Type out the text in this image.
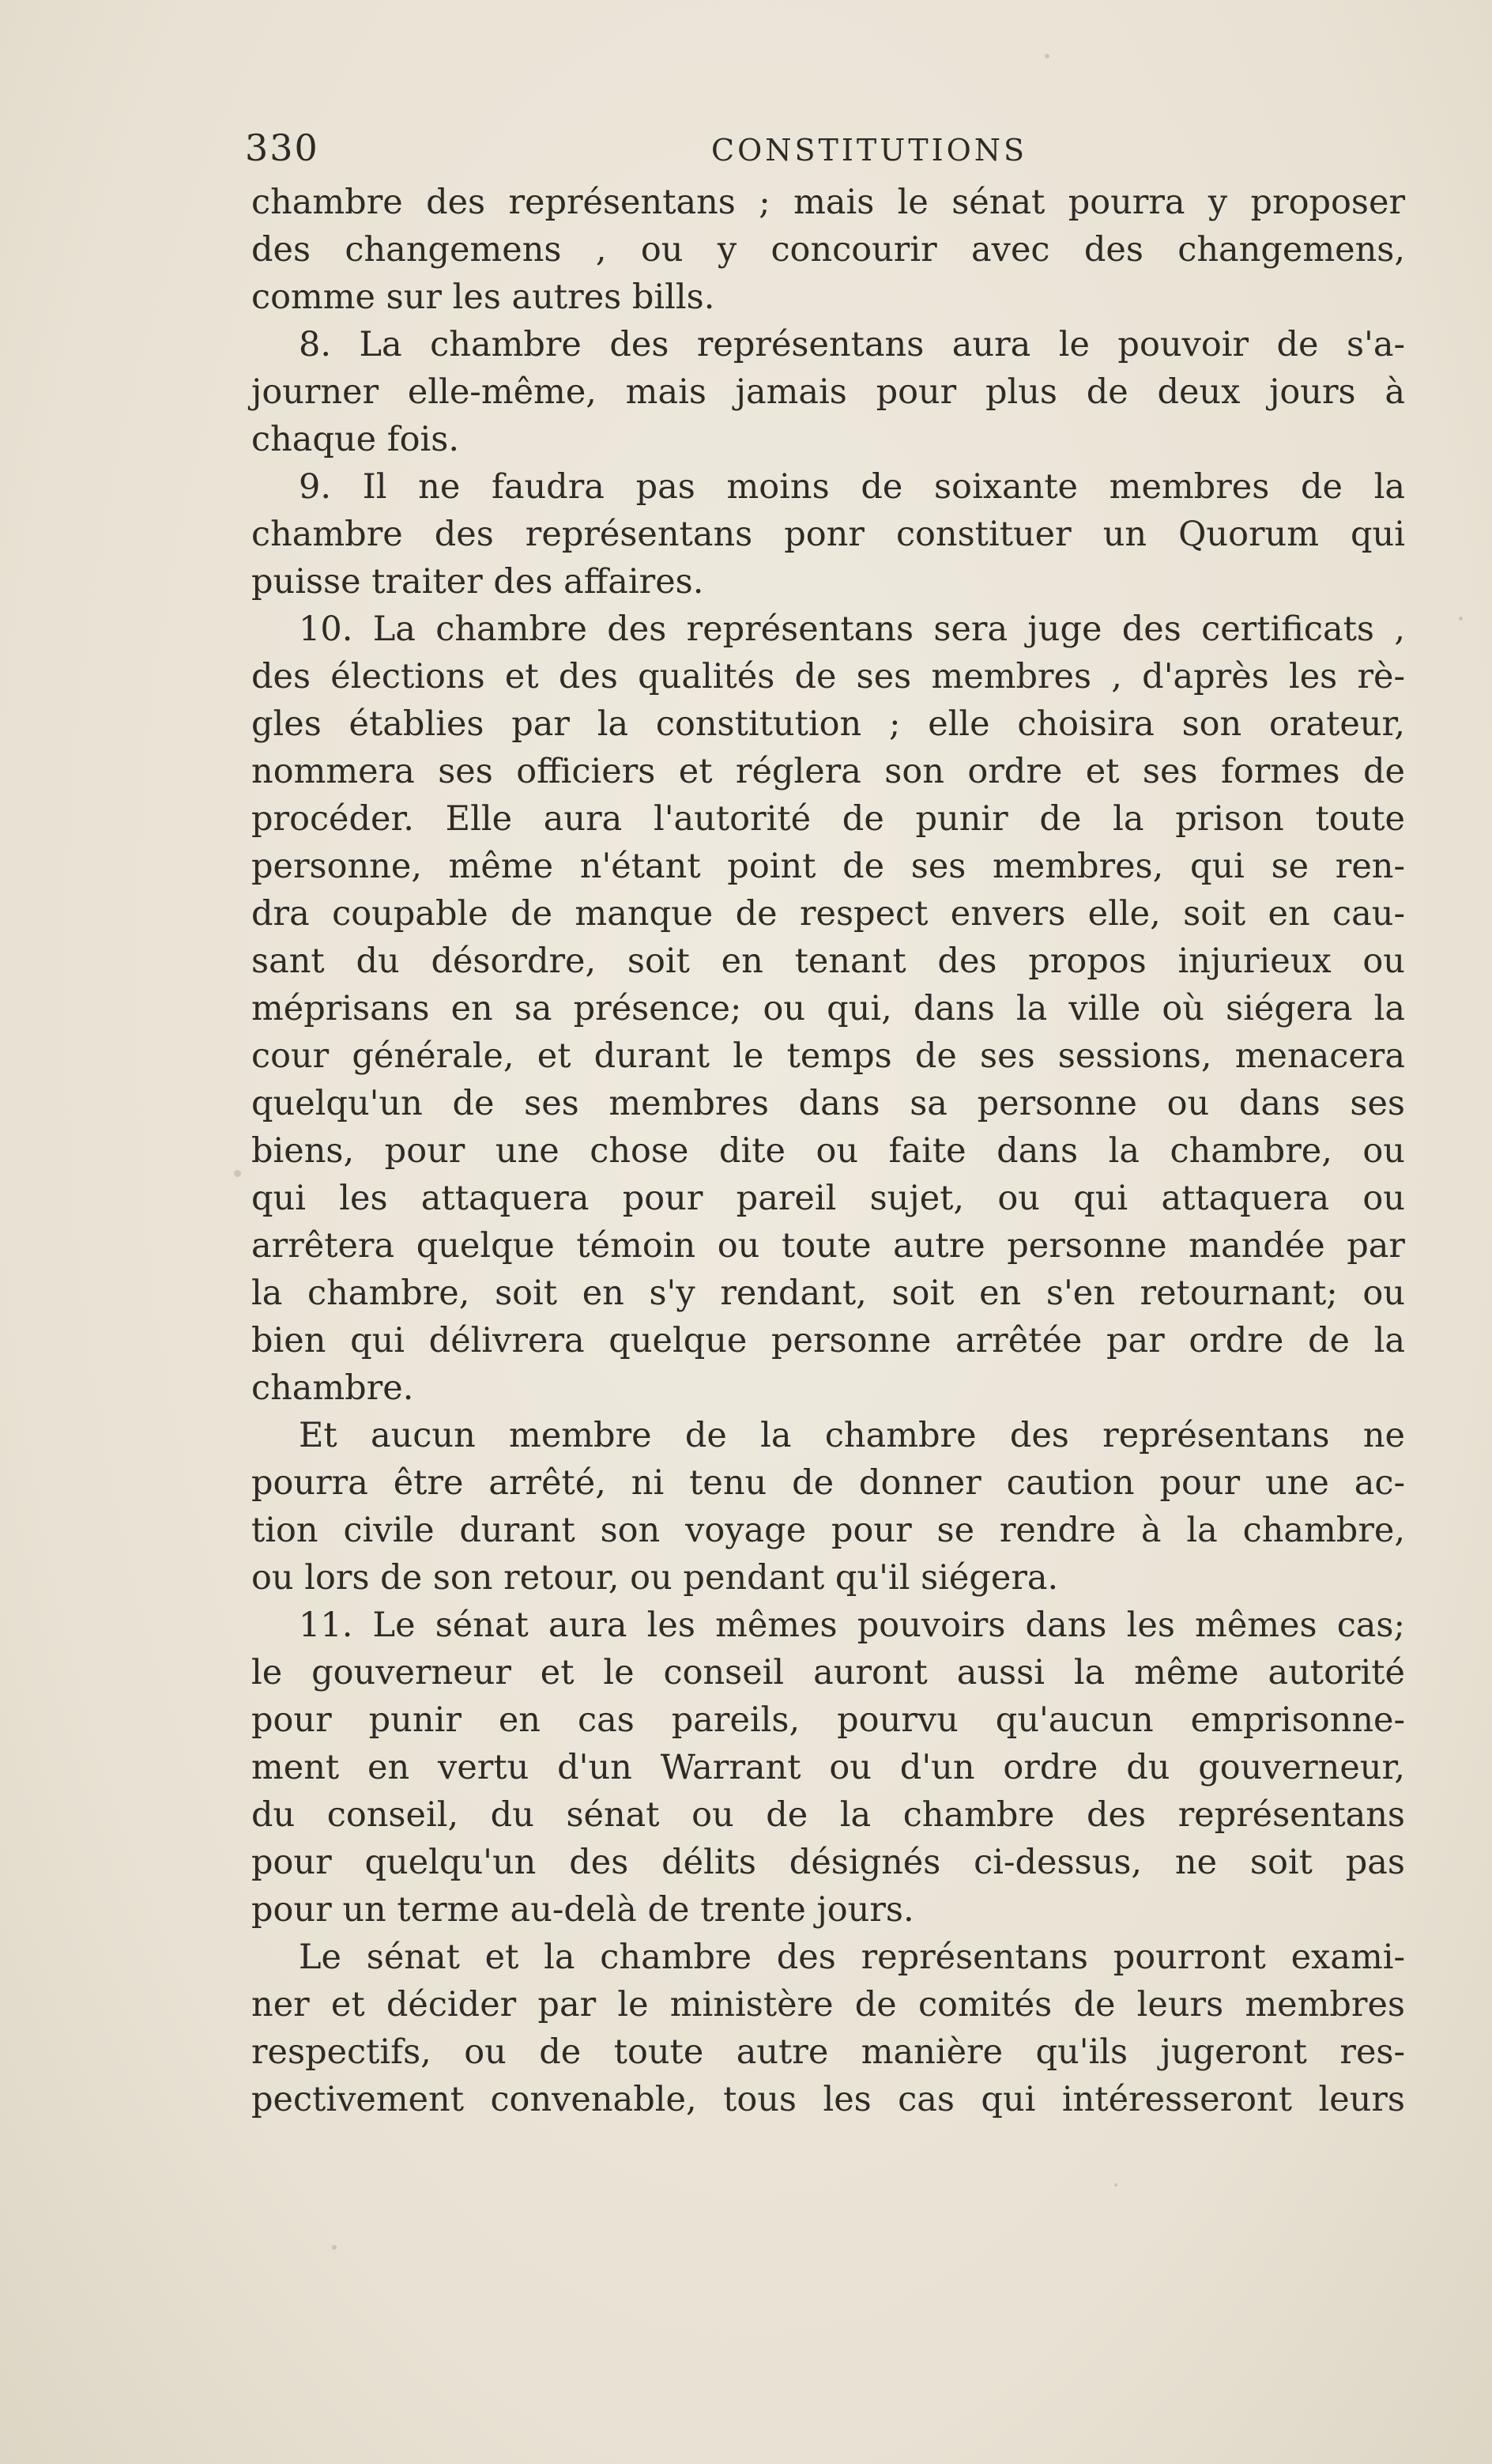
330	CONSTITUTIONS
chambre des représentans ; mais le sénat pourra y proposer
des changemens , ou y concourir avec des changemens,
comme sur les autres bills.
8. La chambre des représentans aura le pouvoir de s'a-
journer elle-même, mais jamais pour plus de deux jours à
chaque fois.
9. Il ne faudra pas moins de soixante membres de la
chambre des représentans ponr constituer un Quorum qui
puisse traiter des affaires.
10. La chambre des représentans sera juge des certificats ,
des élections et des qualités de ses membres , d'après les rè-
gles établies par la constitution ; elle choisira son orateur,
nommera ses officiers et réglera son ordre et ses formes de
procéder. Elle aura l'autorité de punir de la prison toute
personne, même n'étant point de ses membres, qui se ren-
dra coupable de manque de respect envers elle, soit en cau-
sant du désordre, soit en tenant des propos injurieux ou
méprisans en sa présence; ou qui, dans la ville où siégera la
cour générale, et durant le temps de ses sessions, menacera
quelqu'un de ses membres dans sa personne ou dans ses
biens, pour une chose dite ou faite dans la chambre, ou
qui les attaquera pour pareil sujet, ou qui attaquera ou
arrêtera quelque témoin ou toute autre personne mandée par
la chambre, soit en s'y rendant, soit en s'en retournant; ou
bien qui délivrera quelque personne arrêtée par ordre de la
chambre.
Et aucun membre de la chambre des représentans ne
pourra être arrêté, ni tenu de donner caution pour une ac-
tion civile durant son voyage pour se rendre à la chambre,
ou lors de son retour, ou pendant qu'il siégera.
11. Le sénat aura les mêmes pouvoirs dans les mêmes cas;
le gouverneur et le conseil auront aussi la même autorité
pour punir en cas pareils, pourvu qu'aucun emprisonne-
ment en vertu d'un Warrant ou d'un ordre du gouverneur,
du conseil, du sénat ou de la chambre des représentans
pour quelqu'un des délits désignés ci-dessus, ne soit pas
pour un terme au-delà de trente jours.
Le sénat et la chambre des représentans pourront exami-
ner et décider par le ministère de comités de leurs membres
respectifs, ou de toute autre manière qu'ils jugeront res-
pectivement convenable, tous les cas qui intéresseront leurs
